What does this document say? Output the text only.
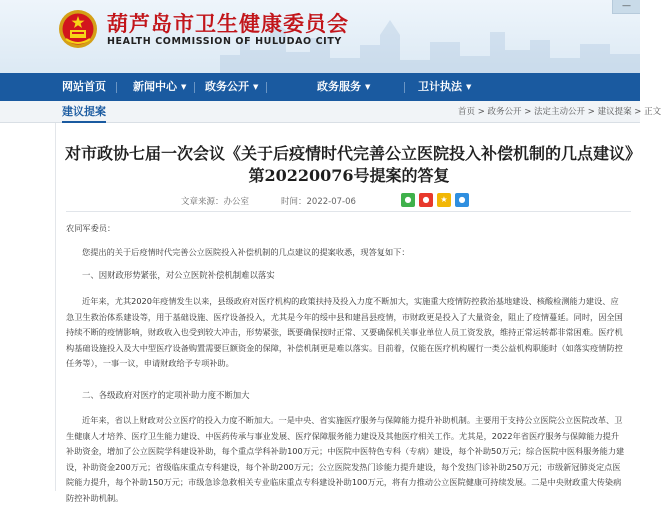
葫芦岛市卫生健康委员会
HEALTH COMMISSION OF HULUDAO CITY
—
网站首页 新闻中心 ▼ 政务公开 ▼	政务服务 ▼	卫计执法 ▼
建议提案	首页 > 政务公开 > 法定主动公开 > 建议提案 > 正文
对市政协七届一次会议《关于后疫情时代完善公立医院投入补偿机制的几点建议》第20220076号提案的答复
文章来源：办公室	时间：2022-07-06	●	●	★	●
农同军委员：
您提出的关于后疫情时代完善公立医院投入补偿机制的几点建议的提案收悉，现答复如下：
一、因财政形势紧张，对公立医院补偿机制难以落实
近年来，尤其2020年疫情发生以来，县级政府对医疗机构的政策扶持及投入力度不断加大，实施重大疫情防控救治基地建设、核酸检测能力建设、应急卫生救治体系建设等，用于基础设施、医疗设备投入，尤其是今年的绥中县和建昌县疫情，市财政更是投入了大量资金，阻止了疫情蔓延。同时，因全国持续不断的疫情影响，财政收入也受到较大冲击，形势紧张，既要确保按时正常、又要确保机关事业单位人员工资发放，维持正常运转都非常困难。医疗机构基础设施投入及大中型医疗设备购置需要巨额资金的保障，补偿机制更是难以落实。目前着，仅能在医疗机构履行一类公益机构职能时（如落实疫情防控任务等），一事一议，申请财政给予专项补助。
二、各级政府对医疗的定项补助力度不断加大
近年来，省以上财政对公立医疗的投入力度不断加大。一是中央、省实施医疗服务与保障能力提升补助机制。主要用于支持公立医院公立医院改革、卫生健康人才培养、医疗卫生能力建设、中医药传承与事业发展、医疗保障服务能力建设及其他医疗相关工作。尤其是，2022年省医疗服务与保障能力提升补助资金，增加了公立医院学科建设补助，每个重点学科补助100万元；中医院中医特色专科（专病）建设，每个补助50万元；综合医院中医科服务能力建设，补助资金200万元；省级临床重点专科建设，每个补助200万元；公立医院发热门诊能力提升建设，每个发热门诊补助250万元；市级新冠肺炎定点医院能力提升，每个补助150万元；市级急诊急救相关专业临床重点专科建设补助100万元，将有力推动公立医院健康可持续发展。二是中央财政重大传染病防控补助机制。
